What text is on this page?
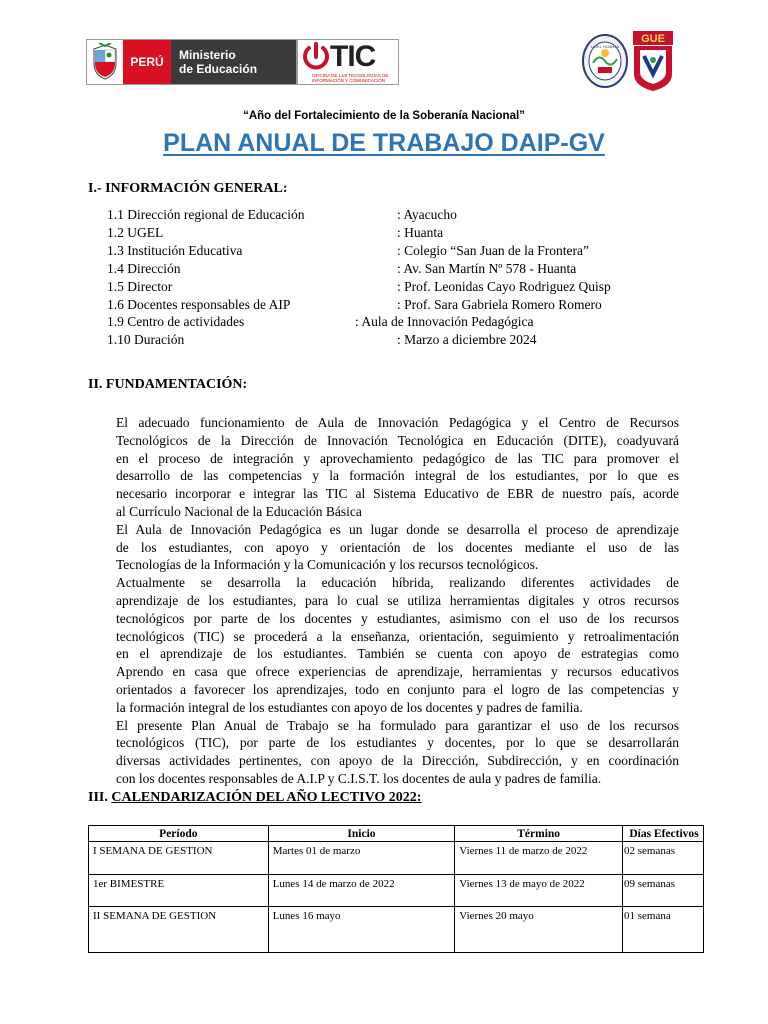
PERÚ	Ministerio
de Educación	TIC
OFICINA DE LAS TECNOLOGÍAS DE INFORMACIÓN Y COMUNICACIÓN
UGEL HUANTA
GUE
“Año del Fortalecimiento de la Soberanía Nacional”
PLAN ANUAL DE TRABAJO DAIP-GV
I.- INFORMACIÓN GENERAL:
1.1 Dirección regional de Educación	: Ayacucho
1.2 UGEL	: Huanta
1.3 Institución Educativa	: Colegio “San Juan de la Frontera”
1.4 Dirección	: Av. San Martín Nº 578 - Huanta
1.5 Director	: Prof. Leonidas Cayo Rodriguez Quisp
1.6 Docentes responsables de AIP	: Prof. Sara Gabriela Romero Romero
1.9 Centro de actividades	: Aula de Innovación Pedagógica
1.10 Duración	: Marzo a diciembre 2024
II. FUNDAMENTACIÓN:
El adecuado funcionamiento de Aula de Innovación Pedagógica y el Centro de Recursos
Tecnológicos de la Dirección de Innovación Tecnológica en Educación (DITE), coadyuvará
en el proceso de integración y aprovechamiento pedagógico de las TIC para promover el
desarrollo de las competencias y la formación integral de los estudiantes, por lo que es
necesario incorporar e integrar las TIC al Sistema Educativo de EBR de nuestro país, acorde
al Currículo Nacional de la Educación Básica
El Aula de Innovación Pedagógica es un lugar donde se desarrolla el proceso de aprendizaje
de los estudiantes, con apoyo y orientación de los docentes mediante el uso de las
Tecnologías de la Información y la Comunicación y los recursos tecnológicos.
Actualmente se desarrolla la educación híbrida, realizando diferentes actividades de
aprendizaje de los estudiantes, para lo cual se utiliza herramientas digitales y otros recursos
tecnológicos por parte de los docentes y estudiantes, asimismo con el uso de los recursos
tecnológicos (TIC) se procederá a la enseñanza, orientación, seguimiento y retroalimentación
en el aprendizaje de los estudiantes. También se cuenta con apoyo de estrategias como
Aprendo en casa que ofrece experiencias de aprendizaje, herramientas y recursos educativos
orientados a favorecer los aprendizajes, todo en conjunto para el logro de las competencias y
la formación integral de los estudiantes con apoyo de los docentes y padres de familia.
El presente Plan Anual de Trabajo se ha formulado para garantizar el uso de los recursos
tecnológicos (TIC), por parte de los estudiantes y docentes, por lo que se desarrollarán
diversas actividades pertinentes, con apoyo de la Dirección, Subdirección, y en coordinación
con los docentes responsables de A.I.P y C.I.S.T. los docentes de aula y padres de familia.
III. CALENDARIZACIÓN DEL AÑO LECTIVO 2022:
Período	Inicio	Término	Días Efectivos
I SEMANA DE GESTION	Martes 01 de marzo	Viernes 11 de marzo de 2022	02 semanas
1er BIMESTRE	Lunes 14 de marzo de 2022	Viernes 13 de mayo de 2022	09 semanas
II SEMANA DE GESTION	Lunes 16 mayo	Viernes 20 mayo	01 semana
